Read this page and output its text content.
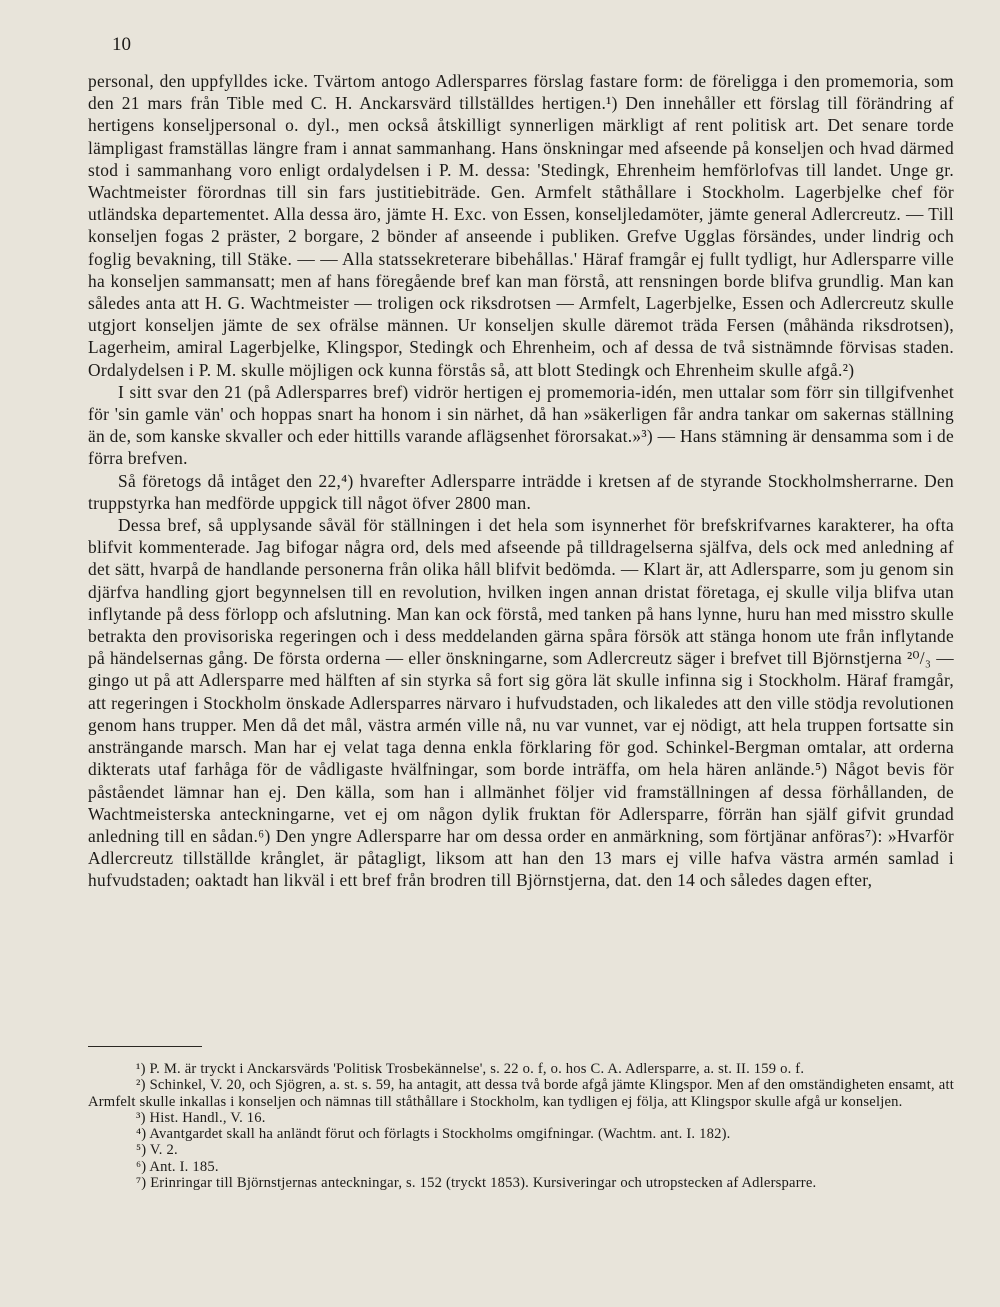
10

personal, den uppfylldes icke. Tvärtom antogo Adlersparres förslag fastare form: de föreligga i den promemoria, som den 21 mars från Tible med C. H. Anckarsvärd tillställdes hertigen.¹) Den innehåller ett förslag till förändring af hertigens konseljpersonal o. dyl., men också åtskilligt synnerligen märkligt af rent politisk art. Det senare torde lämpligast framställas längre fram i annat sammanhang. Hans önskningar med afseende på konseljen och hvad därmed stod i sammanhang voro enligt ordalydelsen i P. M. dessa: 'Stedingk, Ehrenheim hemförlofvas till landet. Unge gr. Wachtmeister förordnas till sin fars justitiebiträde. Gen. Armfelt ståthållare i Stockholm. Lagerbjelke chef för utländska departementet. Alla dessa äro, jämte H. Exc. von Essen, konseljledamöter, jämte general Adlercreutz. — Till konseljen fogas 2 präster, 2 borgare, 2 bönder af anseende i publiken. Grefve Ugglas försändes, under lindrig och foglig bevakning, till Stäke. — — Alla statssekreterare bibehållas.' Häraf framgår ej fullt tydligt, hur Adlersparre ville ha konseljen sammansatt; men af hans föregående bref kan man förstå, att rensningen borde blifva grundlig. Man kan således anta att H. G. Wachtmeister — troligen ock riksdrotsen — Armfelt, Lagerbjelke, Essen och Adlercreutz skulle utgjort konseljen jämte de sex ofrälse männen. Ur konseljen skulle däremot träda Fersen (måhända riksdrotsen), Lagerheim, amiral Lagerbjelke, Klingspor, Stedingk och Ehrenheim, och af dessa de två sistnämnde förvisas staden. Ordalydelsen i P. M. skulle möjligen ock kunna förstås så, att blott Stedingk och Ehrenheim skulle afgå.²)

I sitt svar den 21 (på Adlersparres bref) vidrör hertigen ej promemoria-idén, men uttalar som förr sin tillgifvenhet för 'sin gamle vän' och hoppas snart ha honom i sin närhet, då han »säkerligen får andra tankar om sakernas ställning än de, som kanske skvaller och eder hittills varande aflägsenhet förorsakat.»³) — Hans stämning är densamma som i de förra brefven.

Så företogs då intåget den 22,⁴) hvarefter Adlersparre inträdde i kretsen af de styrande Stockholmsherrarne. Den truppstyrka han medförde uppgick till något öfver 2800 man.

Dessa bref, så upplysande såväl för ställningen i det hela som isynnerhet för brefskrifvarnes karakterer, ha ofta blifvit kommenterade. Jag bifogar några ord, dels med afseende på tilldragelserna själfva, dels ock med anledning af det sätt, hvarpå de handlande personerna från olika håll blifvit bedömda. — Klart är, att Adlersparre, som ju genom sin djärfva handling gjort begynnelsen till en revolution, hvilken ingen annan dristat företaga, ej skulle vilja blifva utan inflytande på dess förlopp och afslutning. Man kan ock förstå, med tanken på hans lynne, huru han med misstro skulle betrakta den provisoriska regeringen och i dess meddelanden gärna spåra försök att stänga honom ute från inflytande på händelsernas gång. De första orderna — eller önskningarne, som Adlercreutz säger i brefvet till Björnstjerna ²⁰/₃ — gingo ut på att Adlersparre med hälften af sin styrka så fort sig göra lät skulle infinna sig i Stockholm. Häraf framgår, att regeringen i Stockholm önskade Adlersparres närvaro i hufvudstaden, och likaledes att den ville stödja revolutionen genom hans trupper. Men då det mål, västra armén ville nå, nu var vunnet, var ej nödigt, att hela truppen fortsatte sin ansträngande marsch. Man har ej velat taga denna enkla förklaring för god. Schinkel-Bergman omtalar, att orderna dikterats utaf farhåga för de vådligaste hvälfningar, som borde inträffa, om hela hären anlände.⁵) Något bevis för påståendet lämnar han ej. Den källa, som han i allmänhet följer vid framställningen af dessa förhållanden, de Wachtmeisterska anteckningarne, vet ej om någon dylik fruktan för Adlersparre, förrän han själf gifvit grundad anledning till en sådan.⁶) Den yngre Adlersparre har om dessa order en anmärkning, som förtjänar anföras⁷): »Hvarför Adlercreutz tillställde krånglet, är påtagligt, liksom att han den 13 mars ej ville hafva västra armén samlad i hufvudstaden; oaktadt han likväl i ett bref från brodren till Björnstjerna, dat. den 14 och således dagen efter,

¹) P. M. är tryckt i Anckarsvärds 'Politisk Trosbekännelse', s. 22 o. f, o. hos C. A. Adlersparre, a. st. II. 159 o. f.

²) Schinkel, V. 20, och Sjögren, a. st. s. 59, ha antagit, att dessa två borde afgå jämte Klingspor. Men af den omständigheten ensamt, att Armfelt skulle inkallas i konseljen och nämnas till ståthållare i Stockholm, kan tydligen ej följa, att Klingspor skulle afgå ur konseljen.

³) Hist. Handl., V. 16.

⁴) Avantgardet skall ha anländt förut och förlagts i Stockholms omgifningar. (Wachtm. ant. I. 182).

⁵) V. 2.

⁶) Ant. I. 185.

⁷) Erinringar till Björnstjernas anteckningar, s. 152 (tryckt 1853). Kursiveringar och utropstecken af Adlersparre.
